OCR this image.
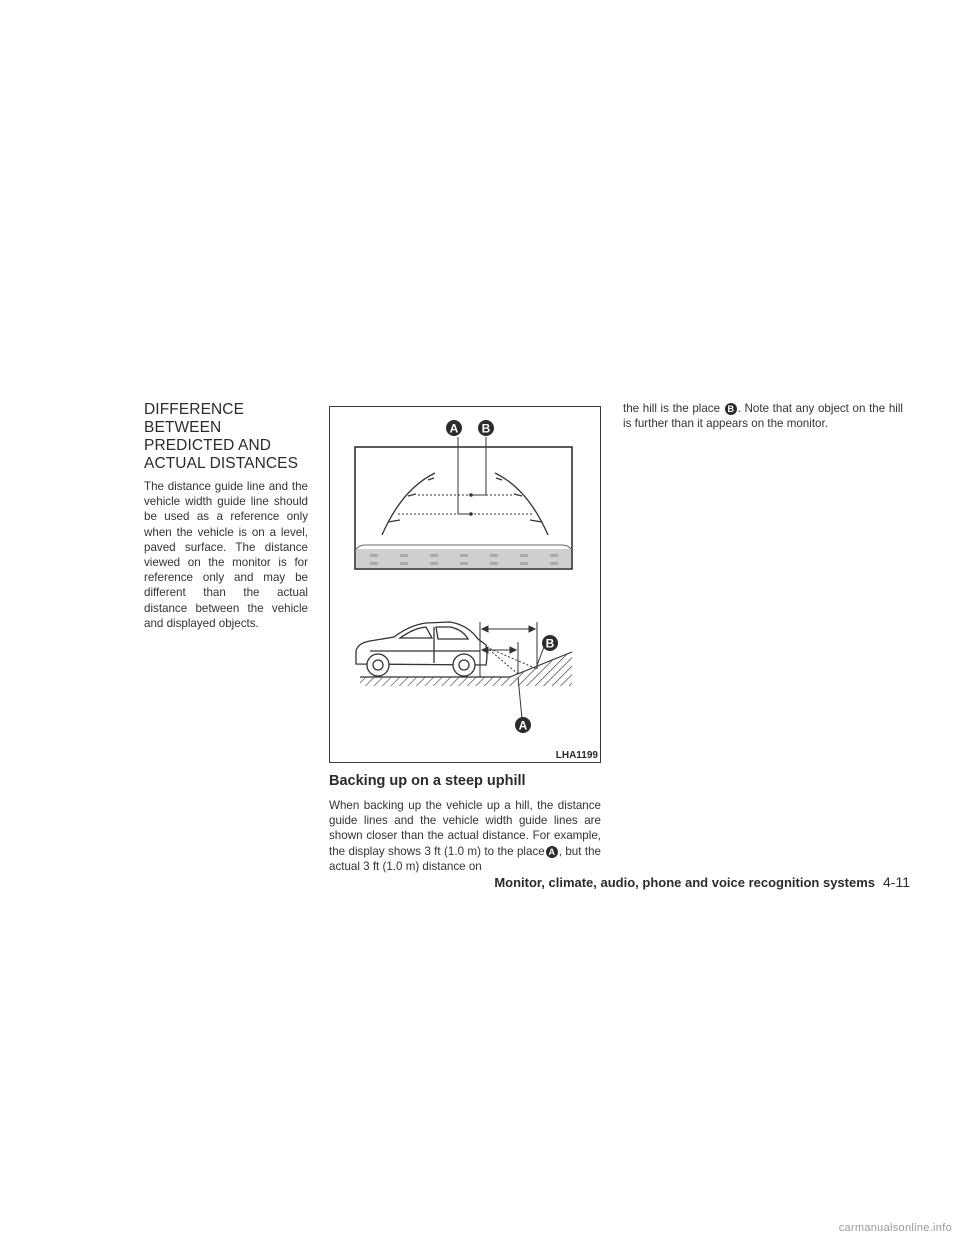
DIFFERENCE BETWEEN PREDICTED AND ACTUAL DISTANCES

The distance guide line and the vehicle width guide line should be used as a reference only when the vehicle is on a level, paved surface. The distance viewed on the monitor is for reference only and may be different than the actual distance between the vehicle and displayed objects.

A B
B
A
LHA1199
Backing up on a steep uphill

When backing up the vehicle up a hill, the distance guide lines and the vehicle width guide lines are shown closer than the actual distance. For example, the display shows 3 ft (1.0 m) to the place A , but the actual 3 ft (1.0 m) distance on

the hill is the place B . Note that any object on the hill is further than it appears on the monitor.

Monitor, climate, audio, phone and voice recognition systems 4-11
carmanualsonline.info
